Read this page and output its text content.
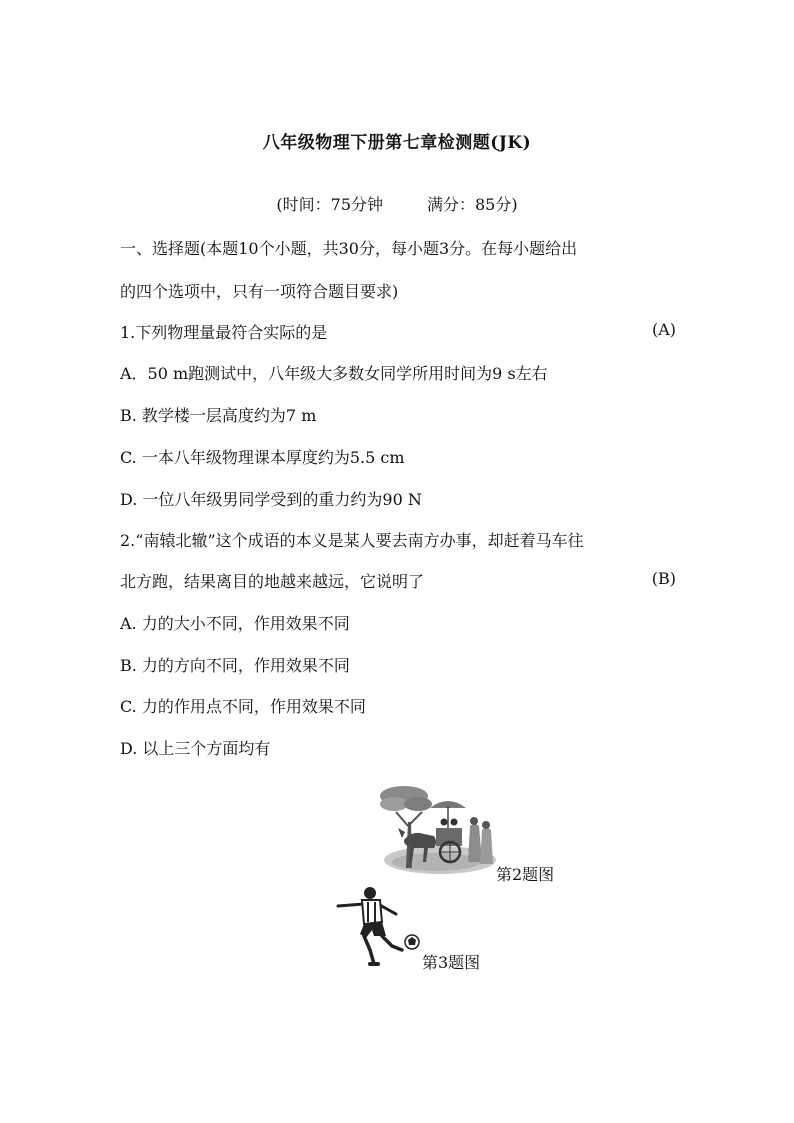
八年级物理下册第七章检测题(JK)
(时间：75分钟	满分：85分)
一、选择题(本题10个小题，共30分，每小题3分。在每小题给出
的四个选项中，只有一项符合题目要求)
1.下列物理量最符合实际的是	(A)
A．50 m跑测试中，八年级大多数女同学所用时间为9 s左右
B. 教学楼一层高度约为7 m
C. 一本八年级物理课本厚度约为5.5 cm
D. 一位八年级男同学受到的重力约为90 N
2.“南辕北辙”这个成语的本义是某人要去南方办事，却赶着马车往
北方跑，结果离目的地越来越远，它说明了	(B)
A. 力的大小不同，作用效果不同
B. 力的方向不同，作用效果不同
C. 力的作用点不同，作用效果不同
D. 以上三个方面均有
第2题图
第3题图
